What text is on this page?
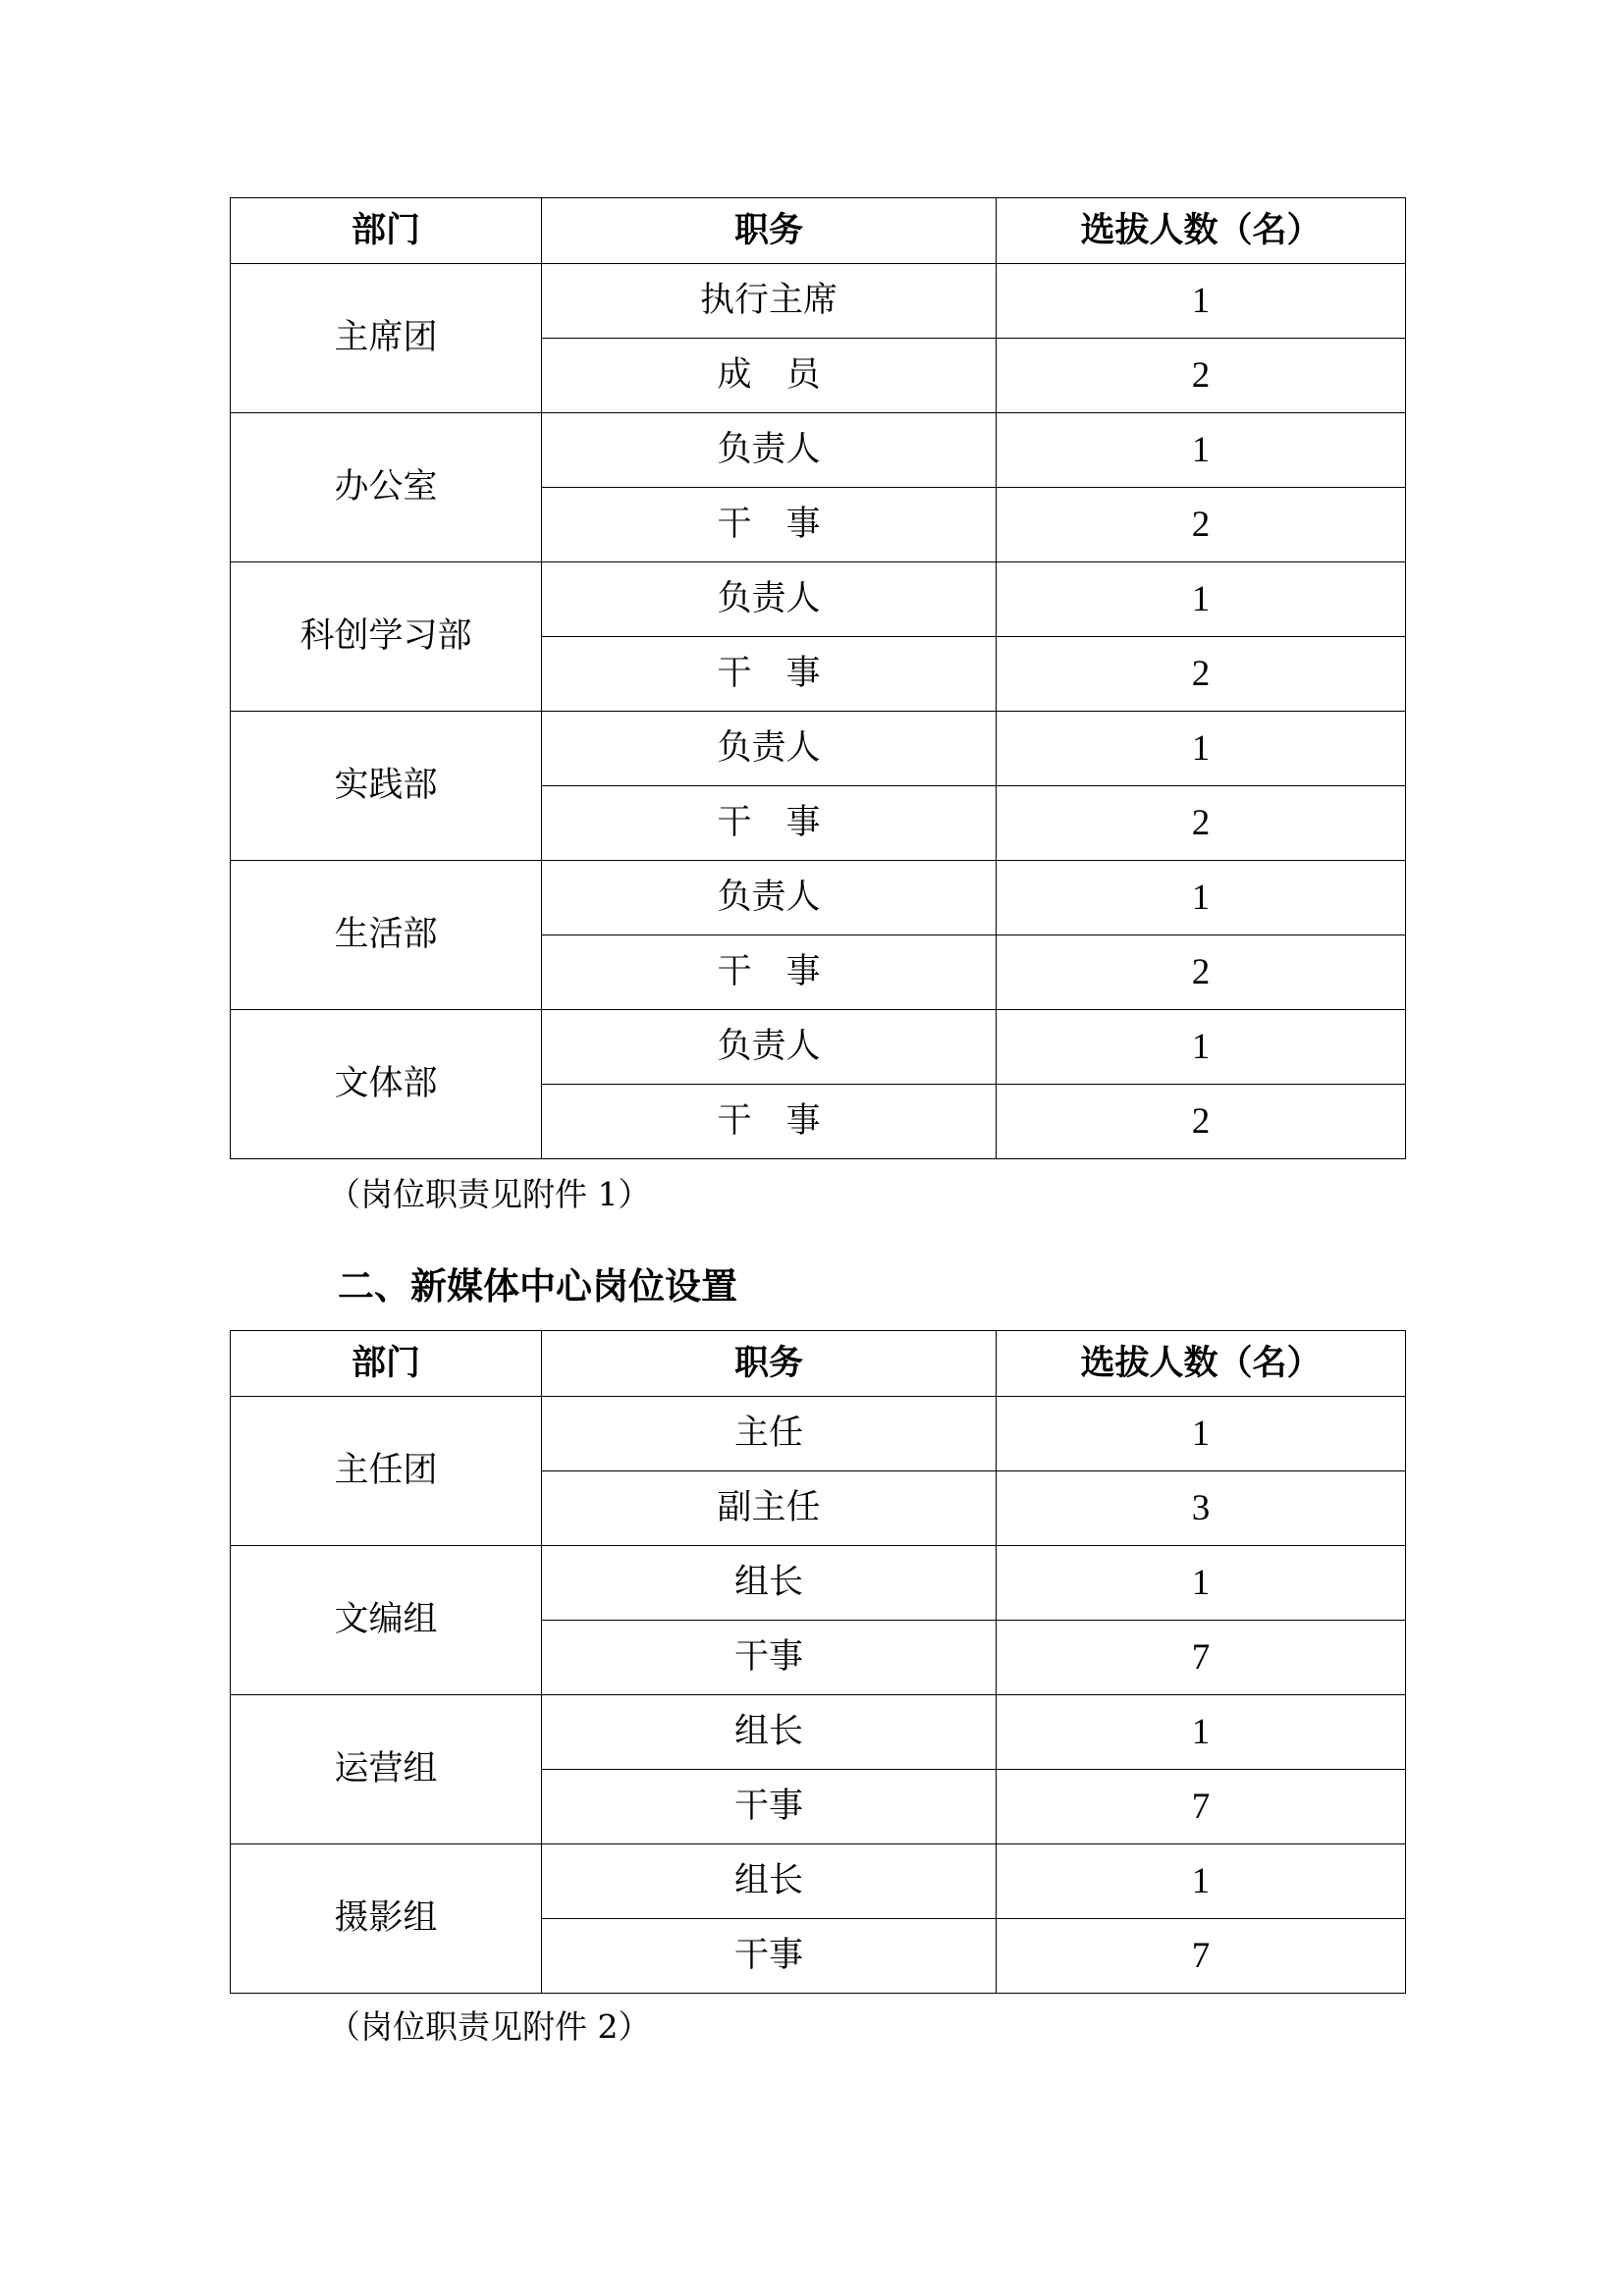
部门	职务	选拔人数（名）
主席团	执行主席	1
	成　员	2
办公室	负责人	1
	干　事	2
科创学习部	负责人	1
	干　事	2
实践部	负责人	1
	干　事	2
生活部	负责人	1
	干　事	2
文体部	负责人	1
	干　事	2
（岗位职责见附件 1）
二、新媒体中心岗位设置
部门	职务	选拔人数（名）
主任团	主任	1
	副主任	3
文编组	组长	1
	干事	7
运营组	组长	1
	干事	7
摄影组	组长	1
	干事	7
（岗位职责见附件 2）
